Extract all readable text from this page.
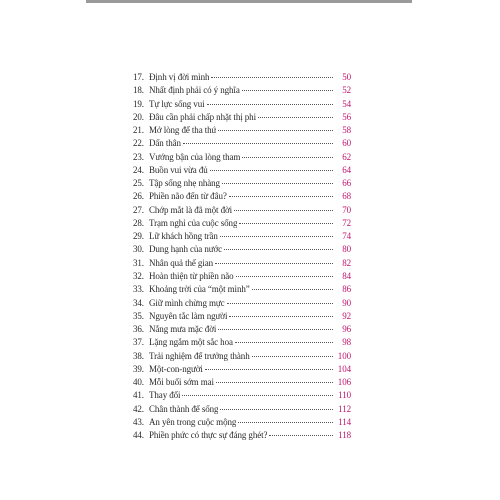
17. Định vị đời mình	50
18. Nhất định phải có ý nghĩa	52
19. Tự lực sống vui	54
20. Đâu cần phải chấp nhặt thị phi	56
21. Mở lòng để tha thứ	58
22. Dấn thân	60
23. Vướng bận của lòng tham	62
24. Buồn vui vừa đủ	64
25. Tập sống nhẹ nhàng	66
26. Phiền não đến từ đâu?	68
27. Chớp mắt là đã một đời	70
28. Trạm nghỉ của cuộc sống	72
29. Lữ khách hồng trần	74
30. Dung hạnh của nước	80
31. Nhân quả thế gian	82
32. Hoàn thiện từ phiền não	84
33. Khoảng trời của “một mình”	86
34. Giữ mình chừng mực	90
35. Nguyên tắc làm người	92
36. Nắng mưa mặc đời	96
37. Lặng ngắm một sắc hoa	98
38. Trải nghiệm để trưởng thành	100
39. Một-con-người	104
40. Mỗi buổi sớm mai	106
41. Thay đổi	110
42. Chân thành để sống	112
43. An yên trong cuộc mộng	114
44. Phiền phức có thực sự đáng ghét?	118
